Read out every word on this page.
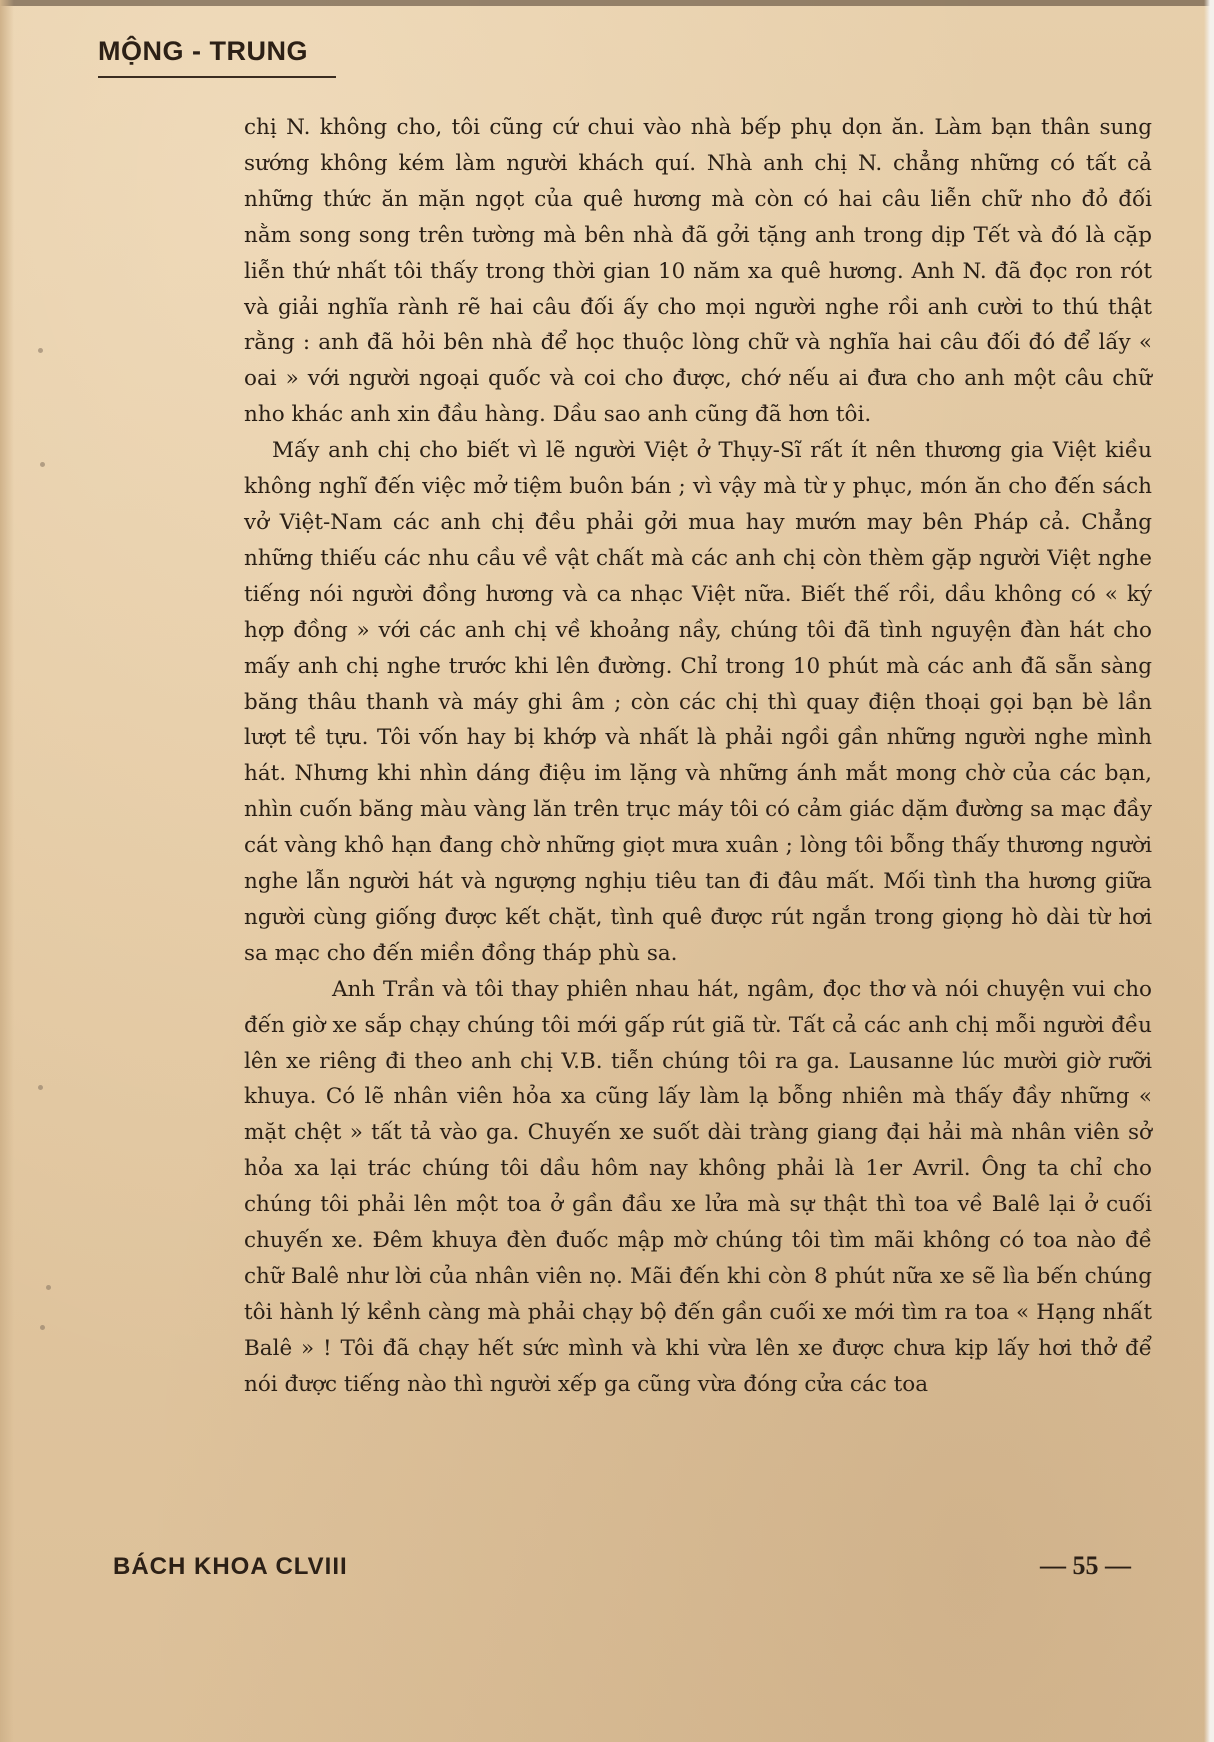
MỘNG - TRUNG

chị N. không cho, tôi cũng cứ chui vào nhà bếp phụ dọn ăn. Làm bạn thân sung sướng không kém làm người khách quí. Nhà anh chị N. chẳng những có tất cả những thức ăn mặn ngọt của quê hương mà còn có hai câu liễn chữ nho đỏ đối nằm song song trên tường mà bên nhà đã gởi tặng anh trong dịp Tết và đó là cặp liễn thứ nhất tôi thấy trong thời gian 10 năm xa quê hương. Anh N. đã đọc ron rót và giải nghĩa rành rẽ hai câu đối ấy cho mọi người nghe rồi anh cười to thú thật rằng : anh đã hỏi bên nhà để học thuộc lòng chữ và nghĩa hai câu đối đó để lấy « oai » với người ngoại quốc và coi cho được, chớ nếu ai đưa cho anh một câu chữ nho khác anh xin đầu hàng. Dầu sao anh cũng đã hơn tôi.

Mấy anh chị cho biết vì lẽ người Việt ở Thụy-Sĩ rất ít nên thương gia Việt kiều không nghĩ đến việc mở tiệm buôn bán ; vì vậy mà từ y phục, món ăn cho đến sách vở Việt-Nam các anh chị đều phải gởi mua hay mướn may bên Pháp cả. Chẳng những thiếu các nhu cầu về vật chất mà các anh chị còn thèm gặp người Việt nghe tiếng nói người đồng hương và ca nhạc Việt nữa. Biết thế rồi, dầu không có « ký hợp đồng » với các anh chị về khoảng nầy, chúng tôi đã tình nguyện đàn hát cho mấy anh chị nghe trước khi lên đường. Chỉ trong 10 phút mà các anh đã sẵn sàng băng thâu thanh và máy ghi âm ; còn các chị thì quay điện thoại gọi bạn bè lần lượt tề tựu. Tôi vốn hay bị khớp và nhất là phải ngồi gần những người nghe mình hát. Nhưng khi nhìn dáng điệu im lặng và những ánh mắt mong chờ của các bạn, nhìn cuốn băng màu vàng lăn trên trục máy tôi có cảm giác dặm đường sa mạc đầy cát vàng khô hạn đang chờ những giọt mưa xuân ; lòng tôi bỗng thấy thương người nghe lẫn người hát và ngượng nghịu tiêu tan đi đâu mất. Mối tình tha hương giữa người cùng giống được kết chặt, tình quê được rút ngắn trong giọng hò dài từ hơi sa mạc cho đến miền đồng tháp phù sa.

Anh Trần và tôi thay phiên nhau hát, ngâm, đọc thơ và nói chuyện vui cho đến giờ xe sắp chạy chúng tôi mới gấp rút giã từ. Tất cả các anh chị mỗi người đều lên xe riêng đi theo anh chị V.B. tiễn chúng tôi ra ga. Lausanne lúc mười giờ rưỡi khuya. Có lẽ nhân viên hỏa xa cũng lấy làm lạ bỗng nhiên mà thấy đầy những « mặt chệt » tất tả vào ga. Chuyến xe suốt dài tràng giang đại hải mà nhân viên sở hỏa xa lại trác chúng tôi dầu hôm nay không phải là 1er Avril. Ông ta chỉ cho chúng tôi phải lên một toa ở gần đầu xe lửa mà sự thật thì toa về Balê lại ở cuối chuyến xe. Đêm khuya đèn đuốc mập mờ chúng tôi tìm mãi không có toa nào đề chữ Balê như lời của nhân viên nọ. Mãi đến khi còn 8 phút nữa xe sẽ lìa bến chúng tôi hành lý kềnh càng mà phải chạy bộ đến gần cuối xe mới tìm ra toa « Hạng nhất Balê » ! Tôi đã chạy hết sức mình và khi vừa lên xe được chưa kịp lấy hơi thở để nói được tiếng nào thì người xếp ga cũng vừa đóng cửa các toa

BÁCH KHOA CLVIII	— 55 —
